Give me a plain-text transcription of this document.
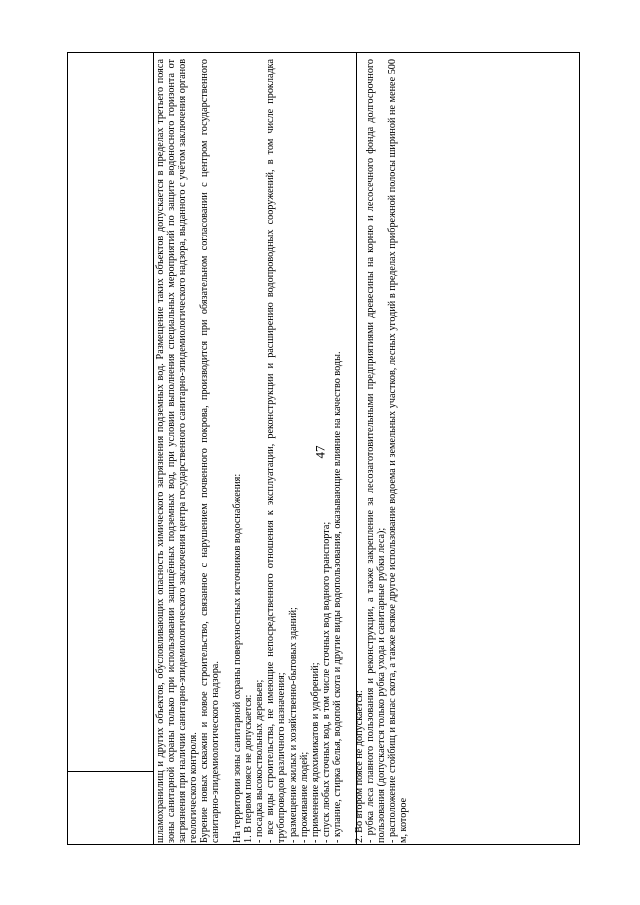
47

шламохранилищ и других объектов, обусловливающих опасность химического загрязнения подземных вод. Размещение таких объектов допускается в пределах третьего пояса зоны санитарной охраны только при использовании защищённых подземных вод, при условии выполнения специальных мероприятий по защите водоносного горизонта от загрязнения при наличии санитарно-эпидемиологического заключения центра государственного санитарно-эпидемиологического надзора, выданного с учётом заключения органов геологического контроля. Бурение новых скважин и новое строительство, связанное с нарушением почвенного покрова, производится при обязательном согласовании с центром государственного санитарно-эпидемиологического надзора. На территории зоны санитарной охраны поверхностных источников водоснабжения: 1. В первом поясе не допускается: - посадка высокоствольных деревьев; - все виды строительства, не имеющие непосредственного отношения к эксплуатации, реконструкции и расширению водопроводных сооружений, в том числе прокладка трубопроводов различного назначения; - размещение жилых и хозяйственно-бытовых зданий; - проживание людей; - применение ядохимикатов и удобрений; - спуск любых сточных вод, в том числе сточных вод водного транспорта; - купание, стирка белья, водопой скота и другие виды водопользования, оказывающие влияние на качество воды. 2. Во втором поясе не допускается: - рубка леса главного пользования и реконструкции, а также закрепление за лесозаготовительными предприятиями древесины на корню и лесосечного фонда долгосрочного пользования (допускается только рубка ухода и санитарные рубки леса); - расположение стойбищ и выпас скота, а также всякое другое использование водоема и земельных участков, лесных угодий в пределах прибрежной полосы шириной не менее 500 м, которое
